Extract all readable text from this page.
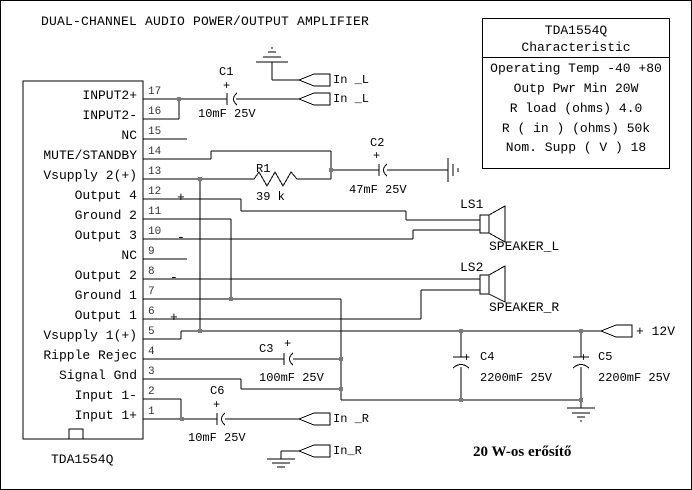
DUAL-CHANNEL AUDIO POWER/OUTPUT AMPLIFIER
TDA1554Q
Characteristic
Operating Temp -40 +80
Outp Pwr Min 20W
R load (ohms) 4.0
R ( in ) (ohms) 50k
Nom. Supp ( V ) 18
INPUT2+
INPUT2-
NC
MUTE/STANDBY
Vsupply 2(+)
Output 4
Ground 2
Output 3
NC
Output 2
Ground 1
Output 1
Vsupply 1(+)
Ripple Rejec
Signal Gnd
Input 1-
Input 1+
17
16
15
14
13
12
11
10
9
8
7
6
5
4
3
2
1
+
-
-
+
TDA1554Q
C1
+
10mF 25V
C2
+
47mF 25V
R1
39 k
C3 +
100mF 25V
C6
+
10mF 25V
C4
+
2200mF 25V
C5
+
2200mF 25V
LS1
SPEAKER_L
LS2
SPEAKER_R
In _L
In _L
In _R
In_R
+ 12V
20 W-os erősítő
